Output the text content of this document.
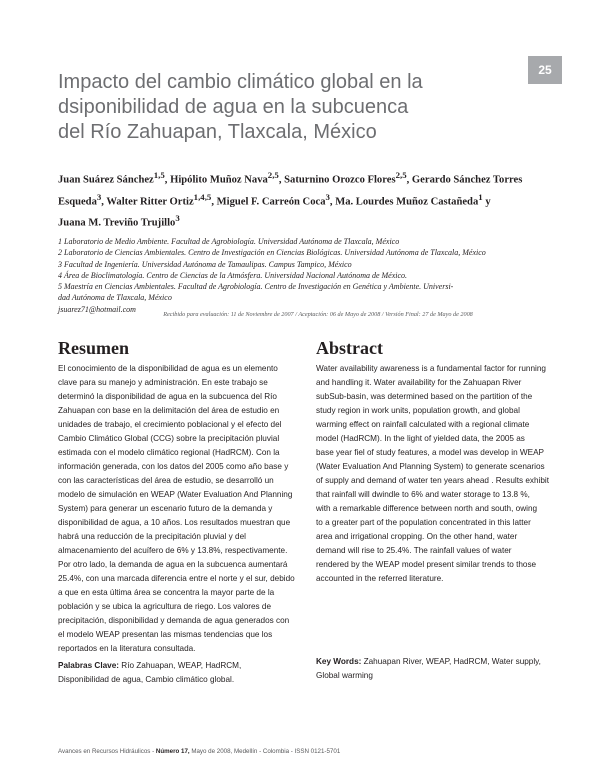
25
Impacto del cambio climático global en la
dsiponibilidad de agua en la subcuenca
del Río Zahuapan, Tlaxcala, México
Juan Suárez Sánchez$^{1,5}$, Hipólito Muñoz Nava$^{2,5}$, Saturnino Orozco Flores$^{2,5}$, Gerardo Sánchez Torres
Esqueda$^3$, Walter Ritter Ortiz$^{1,4,5}$, Miguel F. Carreón Coca$^3$, Ma. Lourdes Muñoz Castañeda$^1$ y
Juana M. Treviño Trujillo$^3$
1 Laboratorio de Medio Ambiente. Facultad de Agrobiología. Universidad Autónoma de Tlaxcala, México
2 Laboratorio de Ciencias Ambientales. Centro de Investigación en Ciencias Biológicas. Universidad Autónoma de Tlaxcala, México
3 Facultad de Ingeniería. Universidad Autónoma de Tamaulipas. Campus Tampico, México
4 Área de Bioclimatología. Centro de Ciencias de la Atmósfera. Universidad Nacional Autónoma de México.
5 Maestría en Ciencias Ambientales. Facultad de Agrobiología. Centro de Investigación en Genética y Ambiente. Universi-
dad Autónoma de Tlaxcala, México
jsuarez71@hotmail.com
Recibido para evaluación: 11 de Noviembre de 2007 / Aceptación: 06 de Mayo de 2008 / Versión Final: 27 de Mayo de 2008
Resumen
El conocimiento de la disponibilidad de agua es un elemento
clave para su manejo y administración. En este trabajo se
determinó la disponibilidad de agua en la subcuenca del Río
Zahuapan con base en la delimitación del área de estudio en
unidades de trabajo, el crecimiento poblacional y el efecto del
Cambio Climático Global (CCG) sobre la precipitación pluvial
estimada con el modelo climático regional (HadRCM). Con la
información generada, con los datos del 2005 como año base y
con las características del área de estudio, se desarrolló un
modelo de simulación en WEAP (Water Evaluation And Planning
System) para generar un escenario futuro de la demanda y
disponibilidad de agua, a 10 años. Los resultados muestran que
habrá una reducción de la precipitación pluvial y del
almacenamiento del acuífero de 6% y 13.8%, respectivamente.
Por otro lado, la demanda de agua en la subcuenca aumentará
25.4%, con una marcada diferencia entre el norte y el sur, debido
a que en esta última área se concentra la mayor parte de la
población y se ubica la agricultura de riego. Los valores de
precipitación, disponibilidad y demanda de agua generados con
el modelo WEAP presentan las mismas tendencias que los
reportados en la literatura consultada.
Palabras Clave: Río Zahuapan, WEAP, HadRCM,
Disponibilidad de agua, Cambio climático global.
Abstract
Water availability awareness is a fundamental factor for running
and handling it. Water availability for the Zahuapan River
subSub-basin, was determined based on the partition of the
study region in work units, population growth, and global
warming effect on rainfall calculated with a regional climate
model (HadRCM). In the light of yielded data, the 2005 as
base year fiel of study features, a model was develop in WEAP
(Water Evaluation And Planning System) to generate scenarios
of supply and demand of water ten years ahead . Results exhibit
that rainfall will dwindle to 6% and water storage to 13.8 %,
with a remarkable difference between north and south, owing
to a greater part of the population concentrated in this latter
area and irrigational cropping. On the other hand, water
demand will rise to 25.4%. The rainfall values of water
rendered by the WEAP model present similar trends to those
accounted in the referred literature.
Key Words: Zahuapan River, WEAP, HadRCM, Water supply,
Global warming
Avances en Recursos Hidráulicos - Número 17, Mayo de 2008, Medellín - Colombia - ISSN 0121-5701
